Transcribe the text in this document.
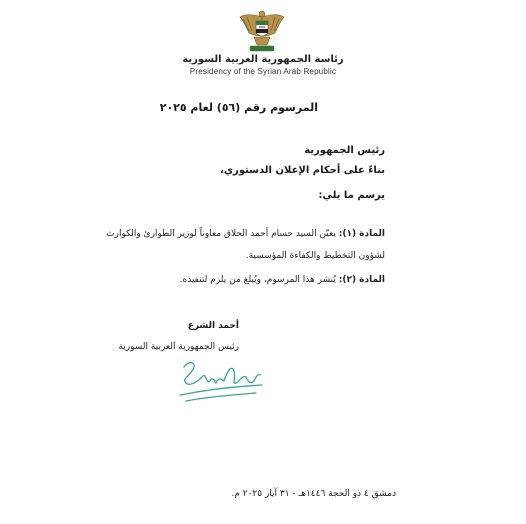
رئاسة الجمهورية العربية السورية
Presidency of the Syrian Arab Republic
المرسوم رقم (٥٦) لعام ٢٠٢٥
رئيس الجمهورية
بناءً على أحكام الإعلان الدستوري،
يرسم ما يلي:
المادة (١): يعيّن السيد حسام أحمد الحلاق معاوناً لوزير الطوارئ والكوارث
لشؤون التخطيط والكفاءة المؤسسية.
المادة (٢): يُنشر هذا المرسوم، ويُبلغ من يلزم لتنفيذه.
أحمد الشرع
رئيس الجمهورية العربية السورية
دمشق ٤ ذو الحجة ١٤٤٦هـ - ٣١ آيار ٢٠٢٥ م.
